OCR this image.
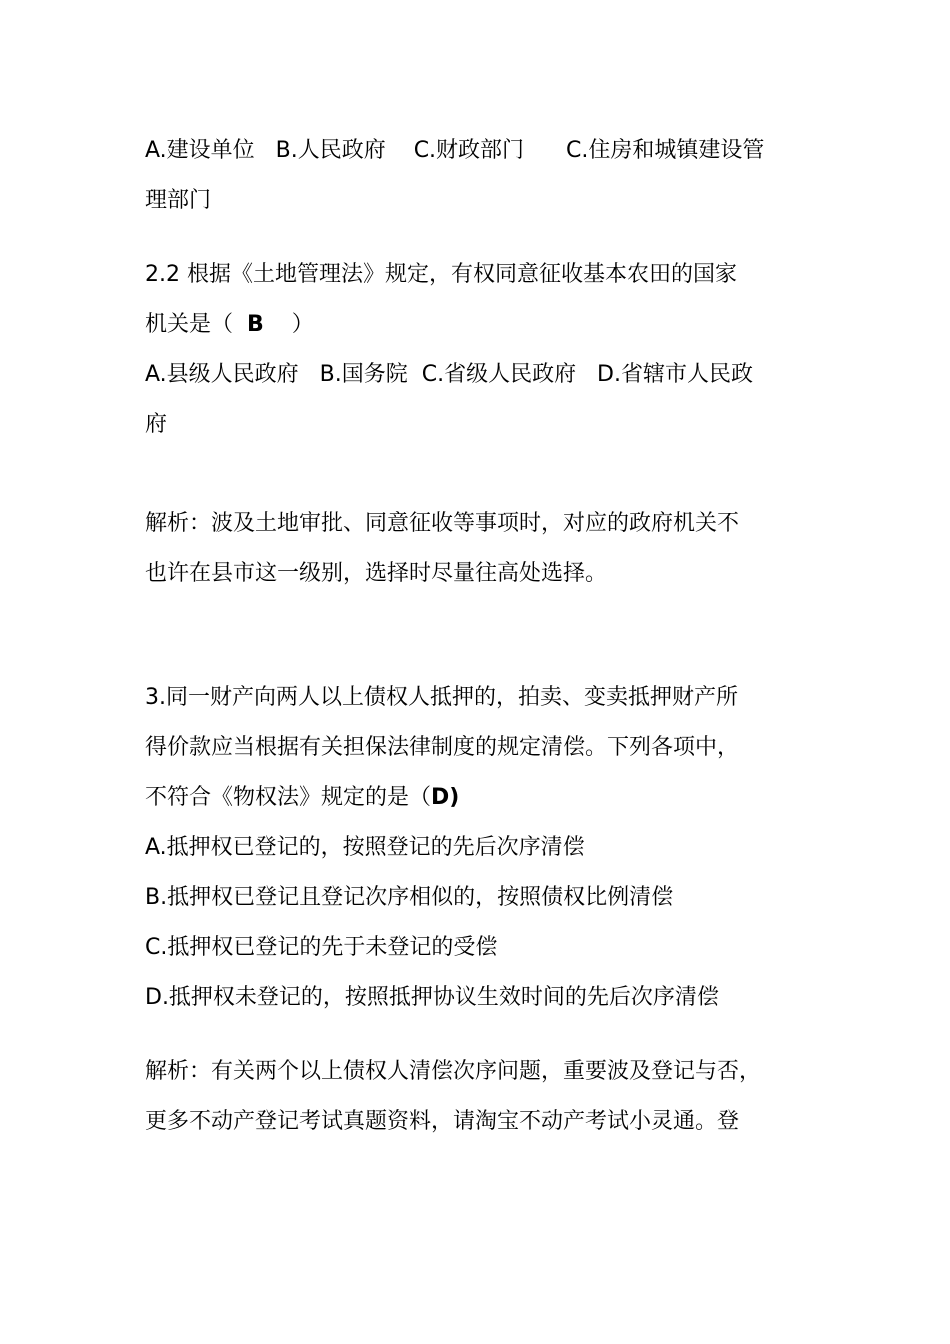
A.建设单位   B.人民政府    C.财政部门      C.住房和城镇建设管
理部门
2.2 根据《土地管理法》规定，有权同意征收基本农田的国家
机关是（  B    ）
A.县级人民政府   B.国务院  C.省级人民政府   D.省辖市人民政
府
解析：波及土地审批、同意征收等事项时，对应的政府机关不
也许在县市这一级别，选择时尽量往高处选择。
3.同一财产向两人以上债权人抵押的，拍卖、变卖抵押财产所
得价款应当根据有关担保法律制度的规定清偿。下列各项中，
不符合《物权法》规定的是（D)
A.抵押权已登记的，按照登记的先后次序清偿
B.抵押权已登记且登记次序相似的，按照债权比例清偿
C.抵押权已登记的先于未登记的受偿
D.抵押权未登记的，按照抵押协议生效时间的先后次序清偿
解析：有关两个以上债权人清偿次序问题，重要波及登记与否，
更多不动产登记考试真题资料，请淘宝不动产考试小灵通。登
